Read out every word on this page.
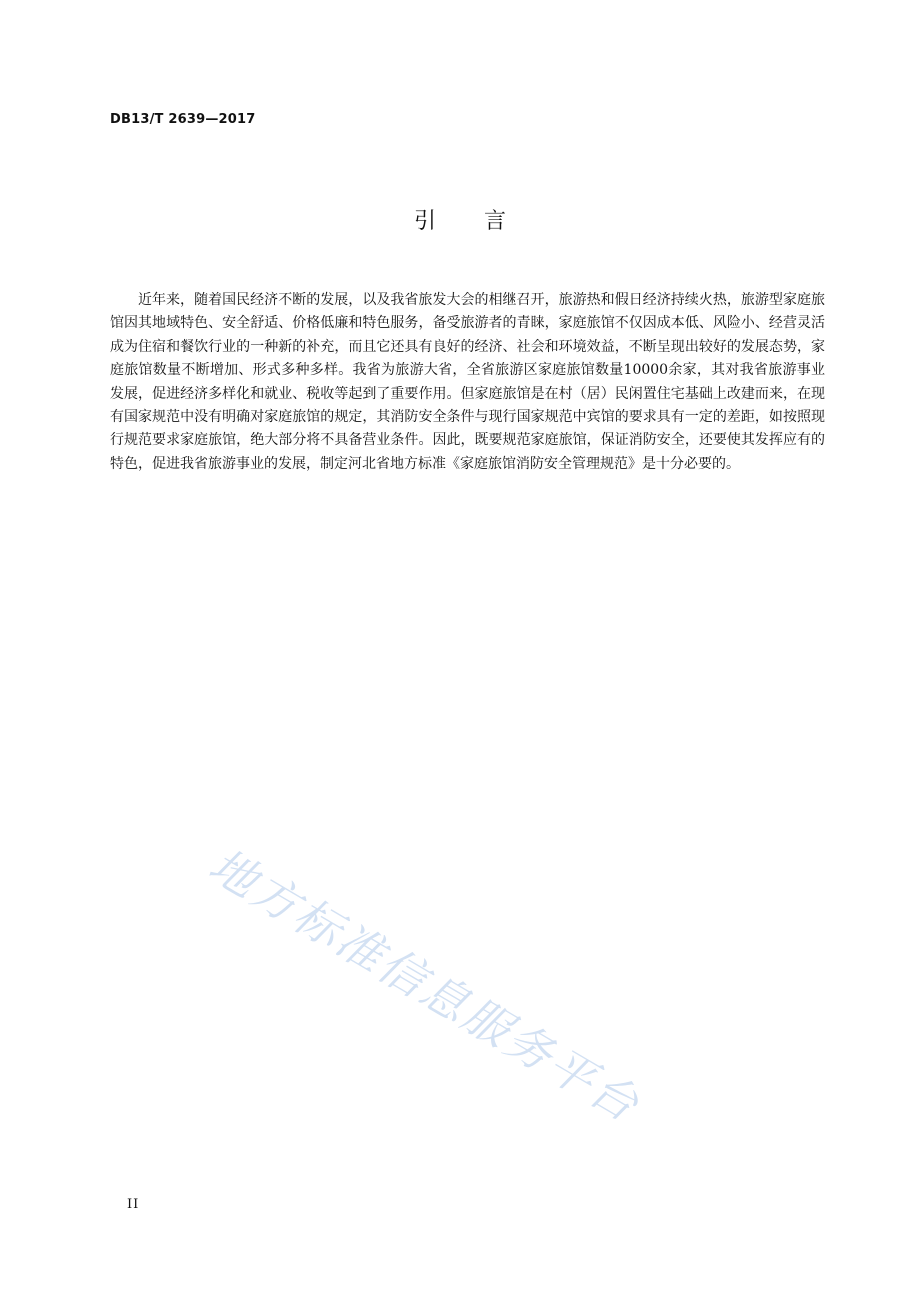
DB13/T 2639—2017
引言

近年来，随着国民经济不断的发展，以及我省旅发大会的相继召开，旅游热和假日经济持续火热，旅游型家庭旅馆因其地域特色、安全舒适、价格低廉和特色服务，备受旅游者的青睐，家庭旅馆不仅因成本低、风险小、经营灵活成为住宿和餐饮行业的一种新的补充，而且它还具有良好的经济、社会和环境效益，不断呈现出较好的发展态势，家庭旅馆数量不断增加、形式多种多样。我省为旅游大省，全省旅游区家庭旅馆数量10000余家，其对我省旅游事业发展，促进经济多样化和就业、税收等起到了重要作用。但家庭旅馆是在村（居）民闲置住宅基础上改建而来，在现有国家规范中没有明确对家庭旅馆的规定，其消防安全条件与现行国家规范中宾馆的要求具有一定的差距，如按照现行规范要求家庭旅馆，绝大部分将不具备营业条件。因此，既要规范家庭旅馆，保证消防安全，还要使其发挥应有的特色，促进我省旅游事业的发展，制定河北省地方标准《家庭旅馆消防安全管理规范》是十分必要的。

地方标准信息服务平台
II
